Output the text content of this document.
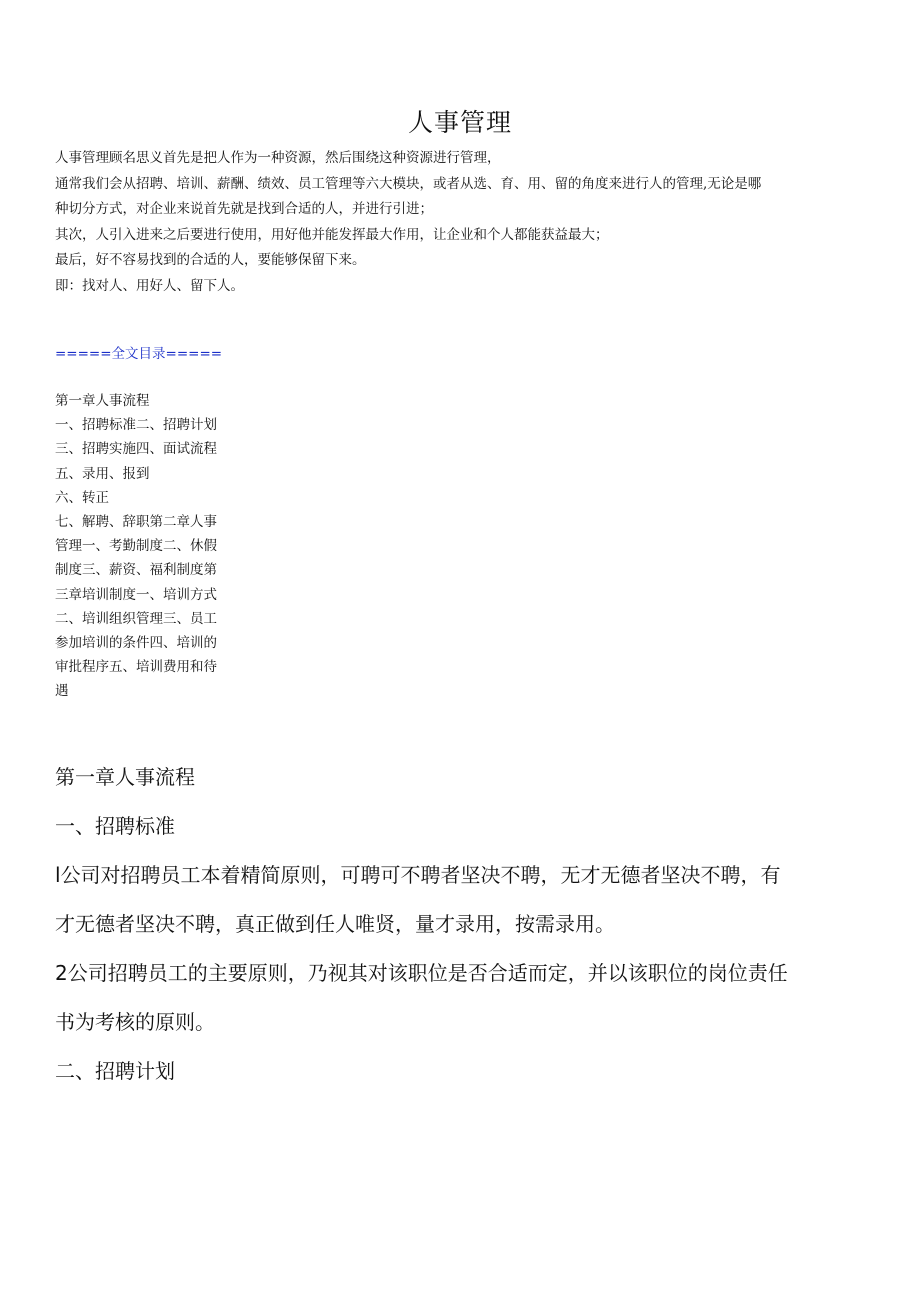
人事管理
人事管理顾名思义首先是把人作为一种资源，然后围绕这种资源进行管理，
通常我们会从招聘、培训、薪酬、绩效、员工管理等六大模块，或者从选、育、用、留的角度来进行人的管理,无论是哪
种切分方式，对企业来说首先就是找到合适的人，并进行引进；
其次，人引入进来之后要进行使用，用好他并能发挥最大作用，让企业和个人都能获益最大；
最后，好不容易找到的合适的人，要能够保留下来。
即：找对人、用好人、留下人。
=====全文目录=====
第一章人事流程
一、招聘标准二、招聘计划
三、招聘实施四、面试流程
五、录用、报到
六、转正
七、解聘、辞职第二章人事
管理一、考勤制度二、休假
制度三、薪资、福利制度第
三章培训制度一、培训方式
二、培训组织管理三、员工
参加培训的条件四、培训的
审批程序五、培训费用和待
遇
第一章人事流程
一、招聘标准
l公司对招聘员工本着精简原则，可聘可不聘者坚决不聘，无才无德者坚决不聘，有
才无德者坚决不聘，真正做到任人唯贤，量才录用，按需录用。
2公司招聘员工的主要原则，乃视其对该职位是否合适而定，并以该职位的岗位责任
书为考核的原则。
二、招聘计划
